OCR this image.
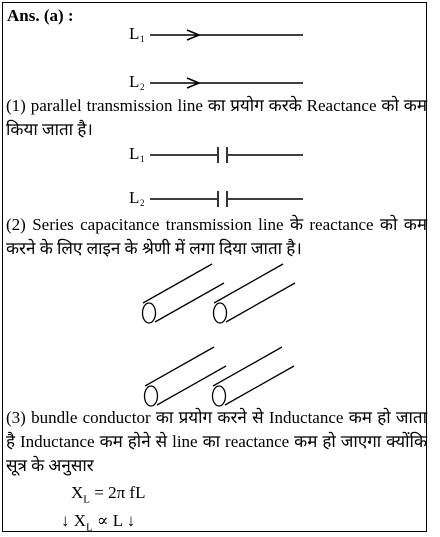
Ans. (a) :
L 1
L 2
(1) parallel transmission line का प्रयोग करके Reactance को कम किया जाता है।
L 1
L 2
(2) Series capacitance transmission line के reactance को कम करने के लिए लाइन के श्रेणी में लगा दिया जाता है।
(3) bundle conductor का प्रयोग करने से Inductance कम हो जाता है Inductance कम होने से line का reactance कम हो जाएगा क्योंकि सूत्र के अनुसार
$X_L = 2\pi$ fL
↓ $X_L \propto L$ ↓
